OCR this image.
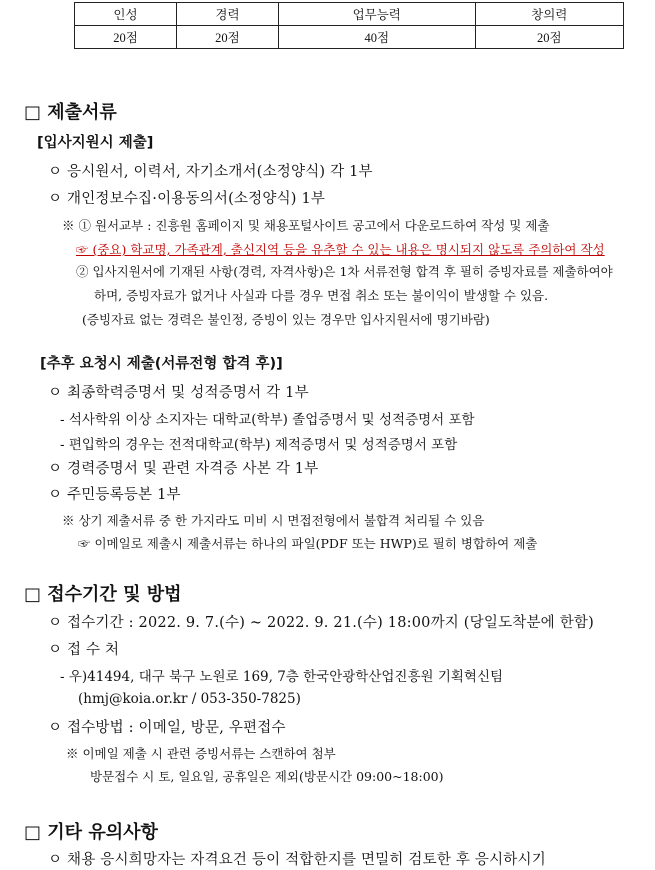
인성	경력	업무능력	창의력
20점	20점	40점	20점
□ 제출서류
[입사지원시 제출]
ㅇ 응시원서, 이력서, 자기소개서(소정양식) 각 1부
ㅇ 개인정보수집·이용동의서(소정양식) 1부
※ ① 원서교부 : 진흥원 홈페이지 및 채용포털사이트 공고에서 다운로드하여 작성 및 제출
☞ (중요) 학교명, 가족관계, 출신지역 등을 유추할 수 있는 내용은 명시되지 않도록 주의하여 작성
② 입사지원서에 기재된 사항(경력, 자격사항)은 1차 서류전형 합격 후 필히 증빙자료를 제출하여야
하며, 증빙자료가 없거나 사실과 다를 경우 면접 취소 또는 불이익이 발생할 수 있음.
(증빙자료 없는 경력은 불인정, 증빙이 있는 경우만 입사지원서에 명기바람)
[추후 요청시 제출(서류전형 합격 후)]
ㅇ 최종학력증명서 및 성적증명서 각 1부
- 석사학위 이상 소지자는 대학교(학부) 졸업증명서 및 성적증명서 포함
- 편입학의 경우는 전적대학교(학부) 제적증명서 및 성적증명서 포함
ㅇ 경력증명서 및 관련 자격증 사본 각 1부
ㅇ 주민등록등본 1부
※ 상기 제출서류 중 한 가지라도 미비 시 면접전형에서 불합격 처리될 수 있음
☞ 이메일로 제출시 제출서류는 하나의 파일(PDF 또는 HWP)로 필히 병합하여 제출
□ 접수기간 및 방법
ㅇ 접수기간 : 2022. 9. 7.(수) ~ 2022. 9. 21.(수) 18:00까지 (당일도착분에 한함)
ㅇ 접 수 처
- 우)41494, 대구 북구 노원로 169, 7층 한국안광학산업진흥원 기획혁신팀
(hmj@koia.or.kr / 053-350-7825)
ㅇ 접수방법 : 이메일, 방문, 우편접수
※ 이메일 제출 시 관련 증빙서류는 스캔하여 첨부
방문접수 시 토, 일요일, 공휴일은 제외(방문시간 09:00~18:00)
□ 기타 유의사항
ㅇ 채용 응시희망자는 자격요건 등이 적합한지를 면밀히 검토한 후 응시하시기
